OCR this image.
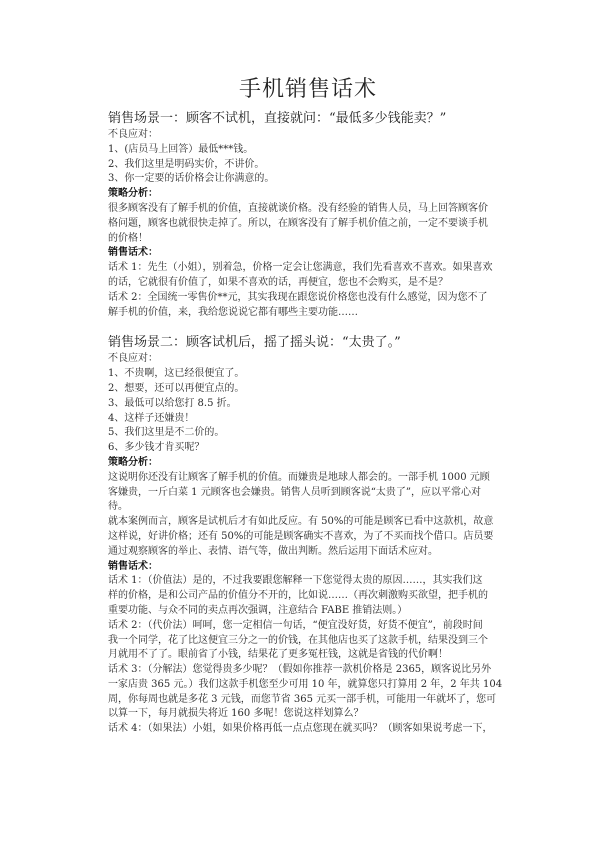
手机销售话术

销售场景一：顾客不试机，直接就问：“最低多少钱能卖？”

不良应对：

1、(店员马上回答）最低***钱。

2、我们这里是明码实价，不讲价。

3、你一定要的话价格会让你满意的。

策略分析：

很多顾客没有了解手机的价值，直接就谈价格。没有经验的销售人员，马上回答顾客价

格问题，顾客也就很快走掉了。所以，在顾客没有了解手机价值之前，一定不要谈手机

的价格！

销售话术：

话术 1：先生（小姐），别着急，价格一定会让您满意，我们先看喜欢不喜欢。如果喜欢

的话，它就很有价值了，如果不喜欢的话，再便宜，您也不会购买，是不是？

话术 2：全国统一零售价**元，其实我现在跟您说价格您也没有什么感觉，因为您不了

解手机的价值，来，我给您说说它都有哪些主要功能……

销售场景二：顾客试机后，摇了摇头说：“太贵了。”

不良应对：

1、不贵啊，这已经很便宜了。

2、想要，还可以再便宜点的。

3、最低可以给您打 8.5 折。

4、这样子还嫌贵！

5、我们这里是不二价的。

6、多少钱才肯买呢？

策略分析：

这说明你还没有让顾客了解手机的价值。而嫌贵是地球人都会的。一部手机 1000 元顾

客嫌贵，一斤白菜 1 元顾客也会嫌贵。销售人员听到顾客说“太贵了”，应以平常心对

待。

就本案例而言，顾客是试机后才有如此反应。有 50%的可能是顾客已看中这款机，故意

这样说，好讲价格；还有 50%的可能是顾客确实不喜欢，为了不买而找个借口。店员要

通过观察顾客的举止、表情、语气等，做出判断。然后运用下面话术应对。

销售话术：

话术 1：（价值法）是的，不过我要跟您解释一下您觉得太贵的原因……，其实我们这

样的价格，是和公司产品的价值分不开的，比如说……（再次刺激购买欲望，把手机的

重要功能、与众不同的卖点再次强调，注意结合 FABE 推销法则。）

话术 2：（代价法）呵呵，您一定相信一句话，“便宜没好货，好货不便宜”，前段时间

我一个同学，花了比这便宜三分之一的价钱，在其他店也买了这款手机，结果没到三个

月就用不了了。眼前省了小钱，结果花了更多冤枉钱，这就是省钱的代价啊！

话术 3：（分解法）您觉得贵多少呢？（假如你推荐一款机价格是 2365，顾客说比另外

一家店贵 365 元。）我们这款手机您至少可用 10 年，就算您只打算用 2 年，2 年共 104

周，你每周也就是多花 3 元钱，而您节省 365 元买一部手机，可能用一年就坏了，您可

以算一下，每月就损失将近 160 多呢！您说这样划算么？

话术 4：（如果法）小姐，如果价格再低一点点您现在就买吗？（顾客如果说考虑一下，
